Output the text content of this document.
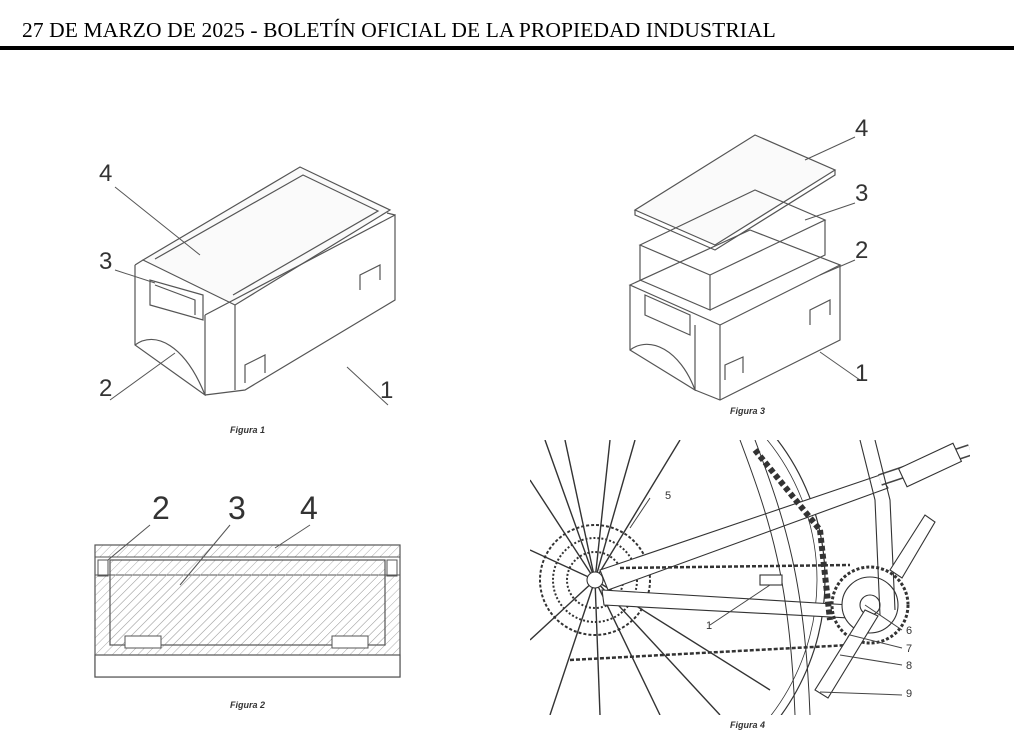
27 DE MARZO DE 2025 - BOLETÍN OFICIAL DE LA PROPIEDAD INDUSTRIAL
4
3
2	1
Figura 1
2 3 4
Figura 2
4
3
2
1
Figura 3
5
1	6
7
8
9
Figura 4
